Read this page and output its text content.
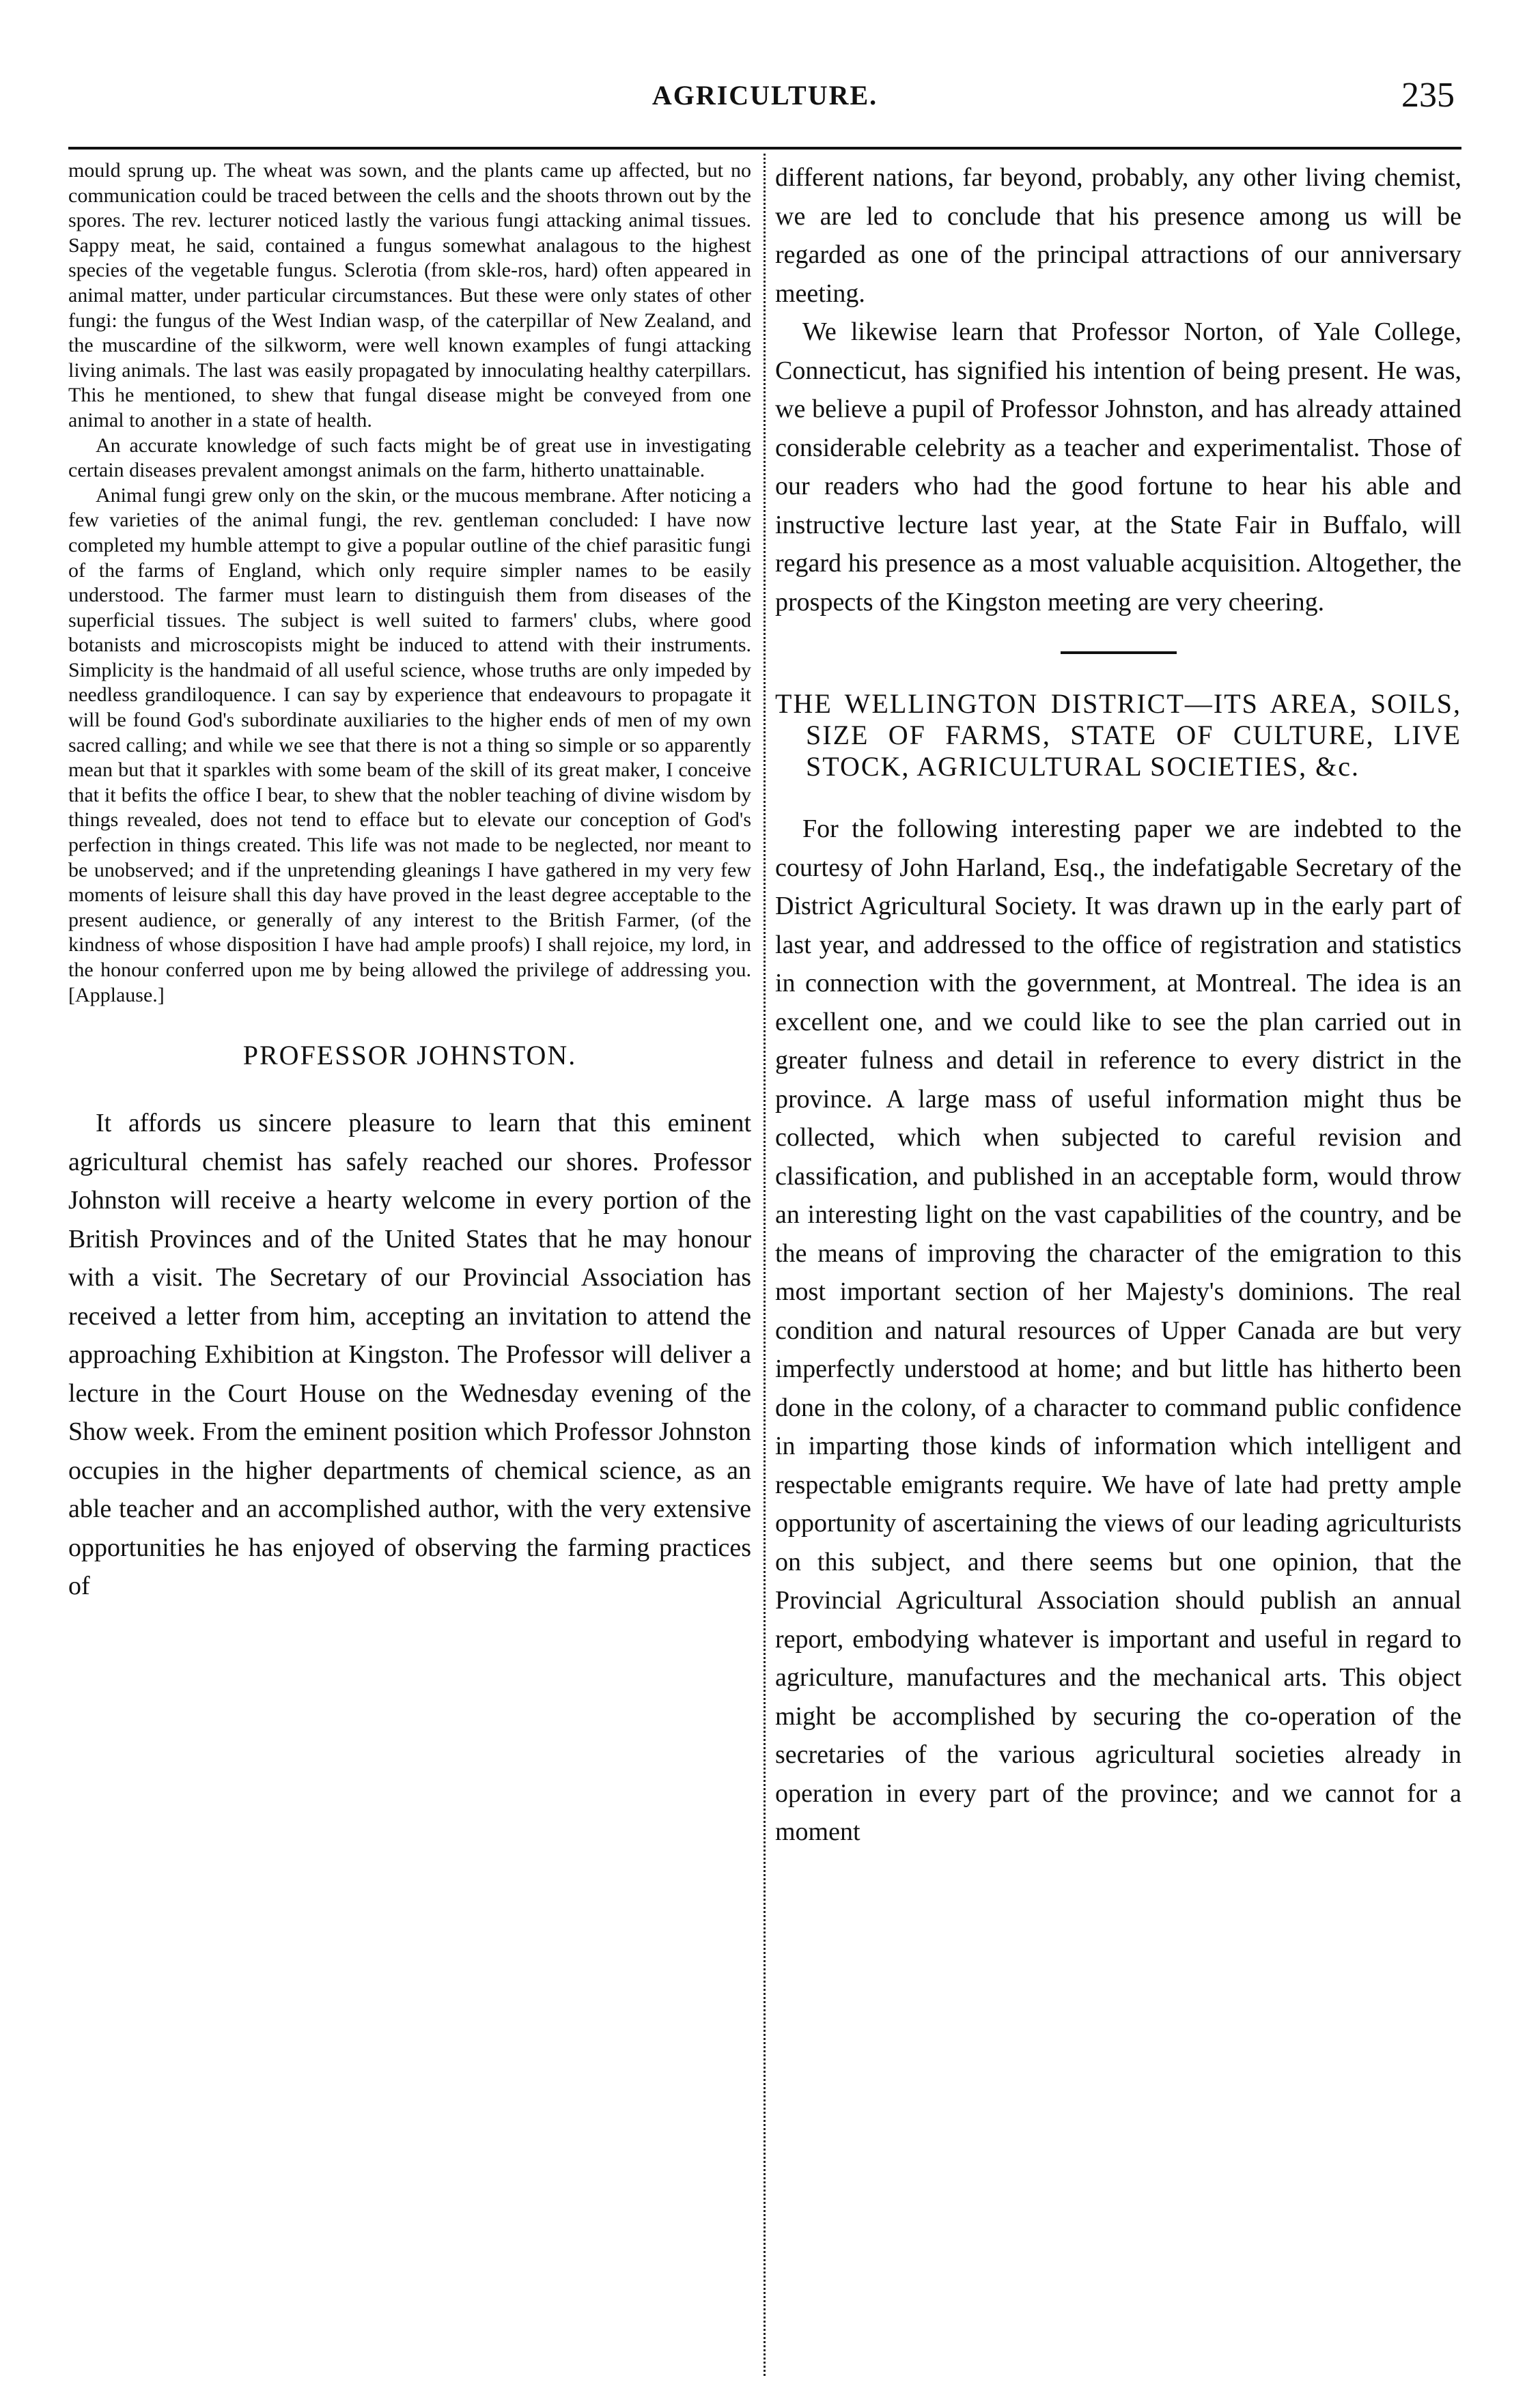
AGRICULTURE.	235

mould sprung up. The wheat was sown, and the plants came up affected, but no communication could be traced between the cells and the shoots thrown out by the spores. The rev. lecturer noticed lastly the various fungi attacking animal tissues. Sappy meat, he said, contained a fungus somewhat analagous to the highest species of the vegetable fungus. Sclerotia (from skle-ros, hard) often appeared in animal matter, under particular circumstances. But these were only states of other fungi: the fungus of the West Indian wasp, of the caterpillar of New Zealand, and the muscardine of the silkworm, were well known examples of fungi attacking living animals. The last was easily propagated by innoculating healthy caterpillars. This he mentioned, to shew that fungal disease might be conveyed from one animal to another in a state of health.

An accurate knowledge of such facts might be of great use in investigating certain diseases prevalent amongst animals on the farm, hitherto unattainable.

Animal fungi grew only on the skin, or the mucous membrane. After noticing a few varieties of the animal fungi, the rev. gentleman concluded: I have now completed my humble attempt to give a popular outline of the chief parasitic fungi of the farms of England, which only require simpler names to be easily understood. The farmer must learn to distinguish them from diseases of the superficial tissues. The subject is well suited to farmers' clubs, where good botanists and microscopists might be induced to attend with their instruments. Simplicity is the handmaid of all useful science, whose truths are only impeded by needless grandiloquence. I can say by experience that endeavours to propagate it will be found God's subordinate auxiliaries to the higher ends of men of my own sacred calling; and while we see that there is not a thing so simple or so apparently mean but that it sparkles with some beam of the skill of its great maker, I conceive that it befits the office I bear, to shew that the nobler teaching of divine wisdom by things revealed, does not tend to efface but to elevate our conception of God's perfection in things created. This life was not made to be neglected, nor meant to be unobserved; and if the unpretending gleanings I have gathered in my very few moments of leisure shall this day have proved in the least degree acceptable to the present audience, or generally of any interest to the British Farmer, (of the kindness of whose disposition I have had ample proofs) I shall rejoice, my lord, in the honour conferred upon me by being allowed the privilege of addressing you. [Applause.]

PROFESSOR JOHNSTON.

It affords us sincere pleasure to learn that this eminent agricultural chemist has safely reached our shores. Professor Johnston will receive a hearty welcome in every portion of the British Provinces and of the United States that he may honour with a visit. The Secretary of our Provincial Association has received a letter from him, accepting an invitation to attend the approaching Exhibition at Kingston. The Professor will deliver a lecture in the Court House on the Wednesday evening of the Show week. From the eminent position which Professor Johnston occupies in the higher departments of chemical science, as an able teacher and an accomplished author, with the very extensive opportunities he has enjoyed of observing the farming practices of

different nations, far beyond, probably, any other living chemist, we are led to conclude that his presence among us will be regarded as one of the principal attractions of our anniversary meeting.

We likewise learn that Professor Norton, of Yale College, Connecticut, has signified his intention of being present. He was, we believe a pupil of Professor Johnston, and has already attained considerable celebrity as a teacher and experimentalist. Those of our readers who had the good fortune to hear his able and instructive lecture last year, at the State Fair in Buffalo, will regard his presence as a most valuable acquisition. Altogether, the prospects of the Kingston meeting are very cheering.

THE WELLINGTON DISTRICT—ITS AREA, SOILS, SIZE OF FARMS, STATE OF CULTURE, LIVE STOCK, AGRICULTURAL SOCIETIES, &c.

For the following interesting paper we are indebted to the courtesy of John Harland, Esq., the indefatigable Secretary of the District Agricultural Society. It was drawn up in the early part of last year, and addressed to the office of registration and statistics in connection with the government, at Montreal. The idea is an excellent one, and we could like to see the plan carried out in greater fulness and detail in reference to every district in the province. A large mass of useful information might thus be collected, which when subjected to careful revision and classification, and published in an acceptable form, would throw an interesting light on the vast capabilities of the country, and be the means of improving the character of the emigration to this most important section of her Majesty's dominions. The real condition and natural resources of Upper Canada are but very imperfectly understood at home; and but little has hitherto been done in the colony, of a character to command public confidence in imparting those kinds of information which intelligent and respectable emigrants require. We have of late had pretty ample opportunity of ascertaining the views of our leading agriculturists on this subject, and there seems but one opinion, that the Provincial Agricultural Association should publish an annual report, embodying whatever is important and useful in regard to agriculture, manufactures and the mechanical arts. This object might be accomplished by securing the co-operation of the secretaries of the various agricultural societies already in operation in every part of the province; and we cannot for a moment
